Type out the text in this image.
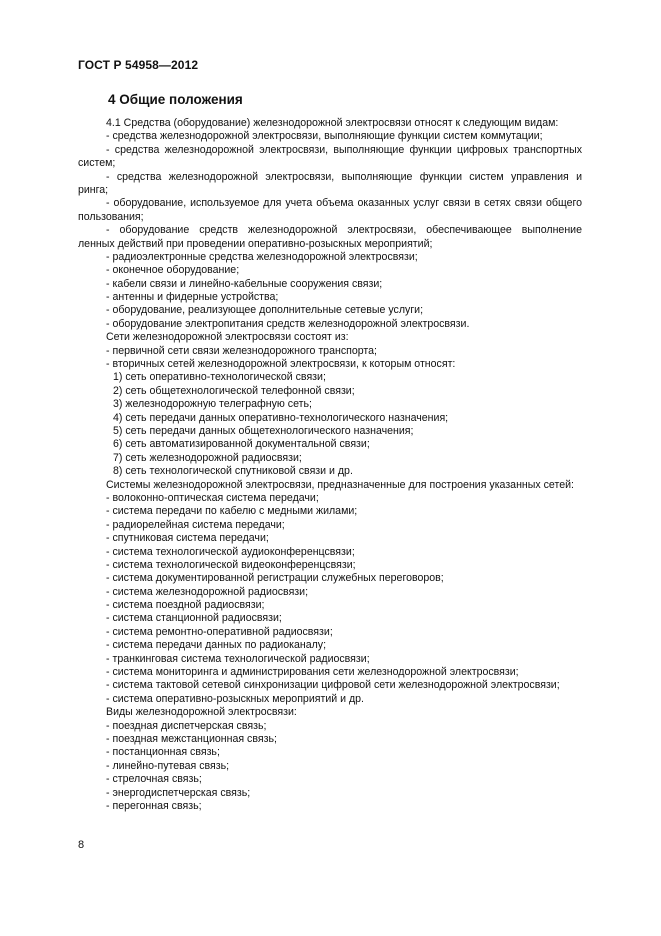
ГОСТ Р 54958—2012
4 Общие положения
4.1 Средства (оборудование) железнодорожной электросвязи относят к следующим видам:
- средства железнодорожной электросвязи, выполняющие функции систем коммутации;
- средства железнодорожной электросвязи, выполняющие функции цифровых транспортных
систем;
- средства железнодорожной электросвязи, выполняющие функции систем управления и
ринга;
- оборудование, используемое для учета объема оказанных услуг связи в сетях связи общего
пользования;
- оборудование средств железнодорожной электросвязи, обеспечивающее выполнение
ленных действий при проведении оперативно-розыскных мероприятий;
- радиоэлектронные средства железнодорожной электросвязи;
- оконечное оборудование;
- кабели связи и линейно-кабельные сооружения связи;
- антенны и фидерные устройства;
- оборудование, реализующее дополнительные сетевые услуги;
- оборудование электропитания средств железнодорожной электросвязи.
Сети железнодорожной электросвязи состоят из:
- первичной сети связи железнодорожного транспорта;
- вторичных сетей железнодорожной электросвязи, к которым относят:
1) сеть оперативно-технологической связи;
2) сеть общетехнологической телефонной связи;
3) железнодорожную телеграфную сеть;
4) сеть передачи данных оперативно-технологического назначения;
5) сеть передачи данных общетехнологического назначения;
6) сеть автоматизированной документальной связи;
7) сеть железнодорожной радиосвязи;
8) сеть технологической спутниковой связи и др.
Системы железнодорожной электросвязи, предназначенные для построения указанных сетей:
- волоконно-оптическая система передачи;
- система передачи по кабелю с медными жилами;
- радиорелейная система передачи;
- спутниковая система передачи;
- система технологической аудиоконференцсвязи;
- система технологической видеоконференцсвязи;
- система документированной регистрации служебных переговоров;
- система железнодорожной радиосвязи;
- система поездной радиосвязи;
- система станционной радиосвязи;
- система ремонтно-оперативной радиосвязи;
- система передачи данных по радиоканалу;
- транкинговая система технологической радиосвязи;
- система мониторинга и администрирования сети железнодорожной электросвязи;
- система тактовой сетевой синхронизации цифровой сети железнодорожной электросвязи;
- система оперативно-розыскных мероприятий и др.
Виды железнодорожной электросвязи:
- поездная диспетчерская связь;
- поездная межстанционная связь;
- постанционная связь;
- линейно-путевая связь;
- стрелочная связь;
- энергодиспетчерская связь;
- перегонная связь;
8
